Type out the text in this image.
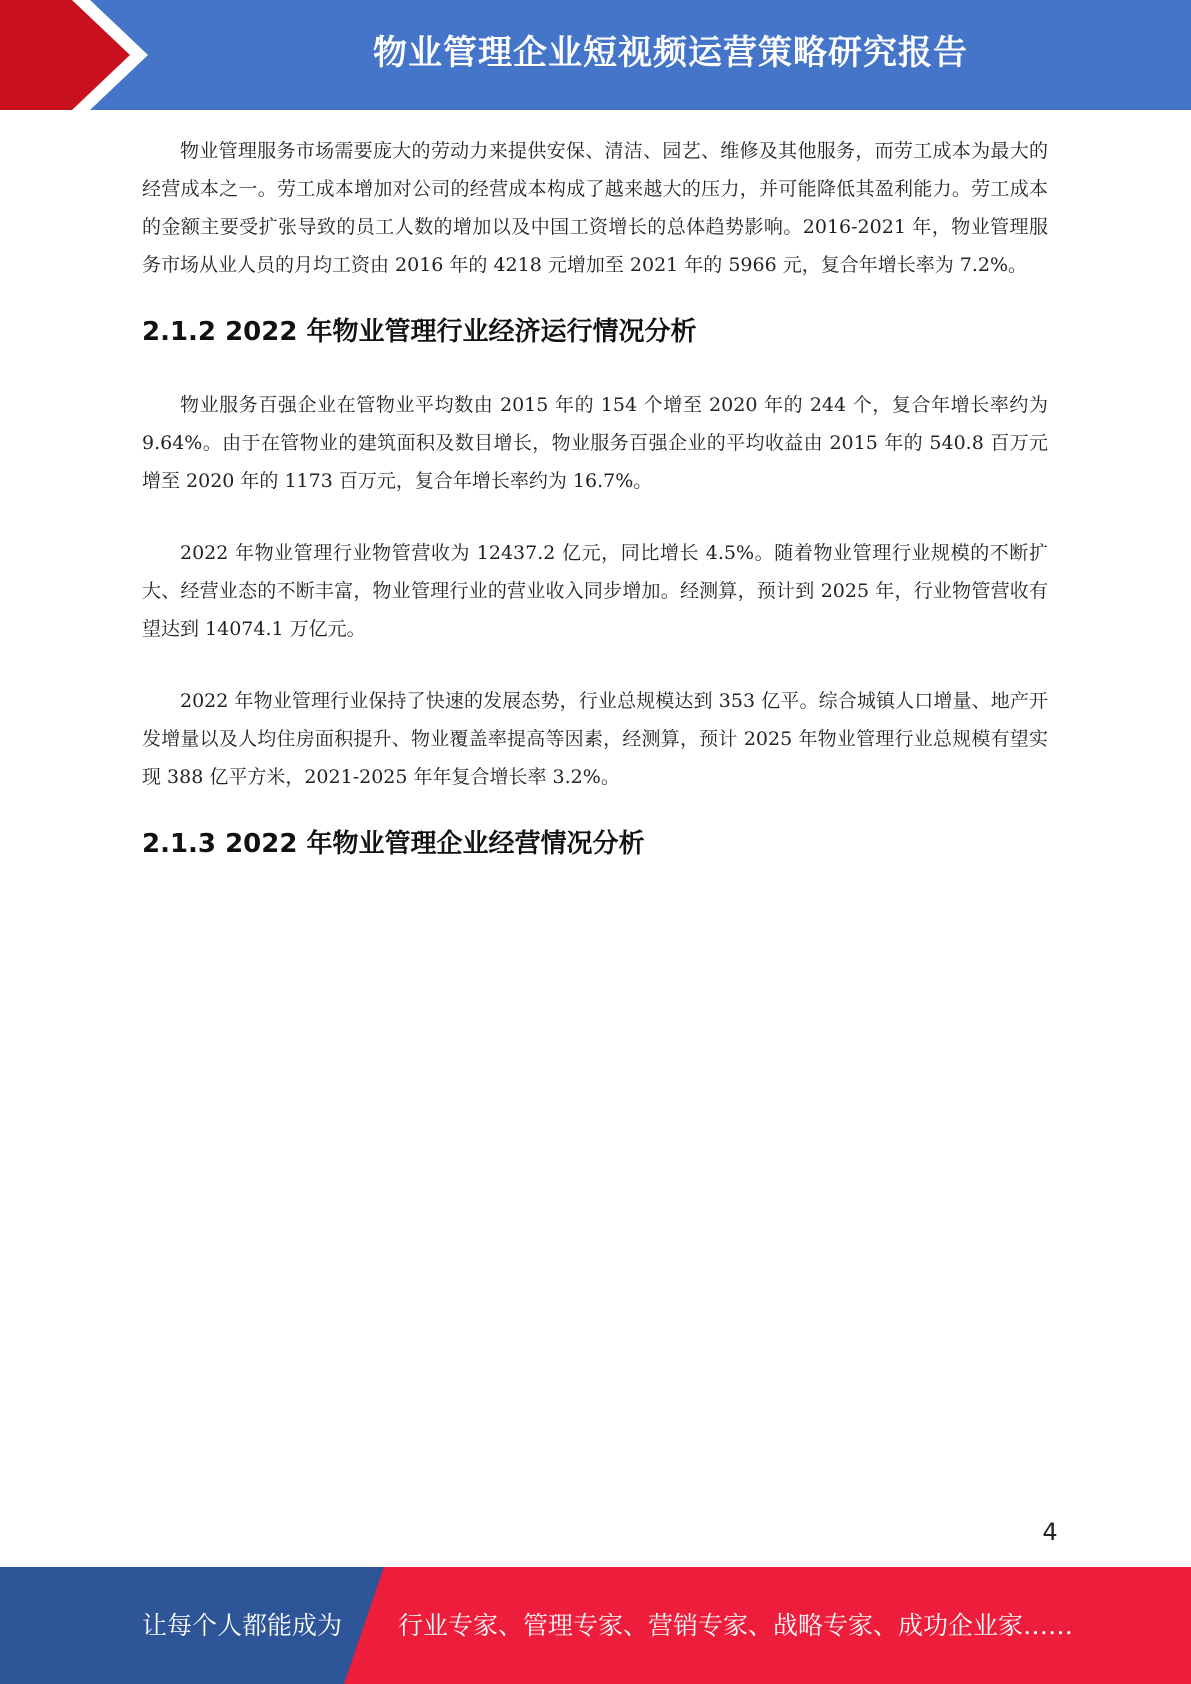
物业管理企业短视频运营策略研究报告

物业管理服务市场需要庞大的劳动力来提供安保、清洁、园艺、维修及其他服务，而劳工成本为最大的经营成本之一。劳工成本增加对公司的经营成本构成了越来越大的压力，并可能降低其盈利能力。劳工成本的金额主要受扩张导致的员工人数的增加以及中国工资增长的总体趋势影响。2016-2021 年，物业管理服务市场从业人员的月均工资由 2016 年的 4218 元增加至 2021 年的 5966 元，复合年增长率为 7.2%。

2.1.2 2022 年物业管理行业经济运行情况分析

物业服务百强企业在管物业平均数由 2015 年的 154 个增至 2020 年的 244 个，复合年增长率约为 9.64%。由于在管物业的建筑面积及数目增长，物业服务百强企业的平均收益由 2015 年的 540.8 百万元增至 2020 年的 1173 百万元，复合年增长率约为 16.7%。

2022 年物业管理行业物管营收为 12437.2 亿元，同比增长 4.5%。随着物业管理行业规模的不断扩大、经营业态的不断丰富，物业管理行业的营业收入同步增加。经测算，预计到 2025 年，行业物管营收有望达到 14074.1 万亿元。

2022 年物业管理行业保持了快速的发展态势，行业总规模达到 353 亿平。综合城镇人口增量、地产开发增量以及人均住房面积提升、物业覆盖率提高等因素，经测算，预计 2025 年物业管理行业总规模有望实现 388 亿平方米，2021-2025 年年复合增长率 3.2%。

2.1.3 2022 年物业管理企业经营情况分析
4
让每个人都能成为 行业专家、管理专家、营销专家、战略专家、成功企业家……
